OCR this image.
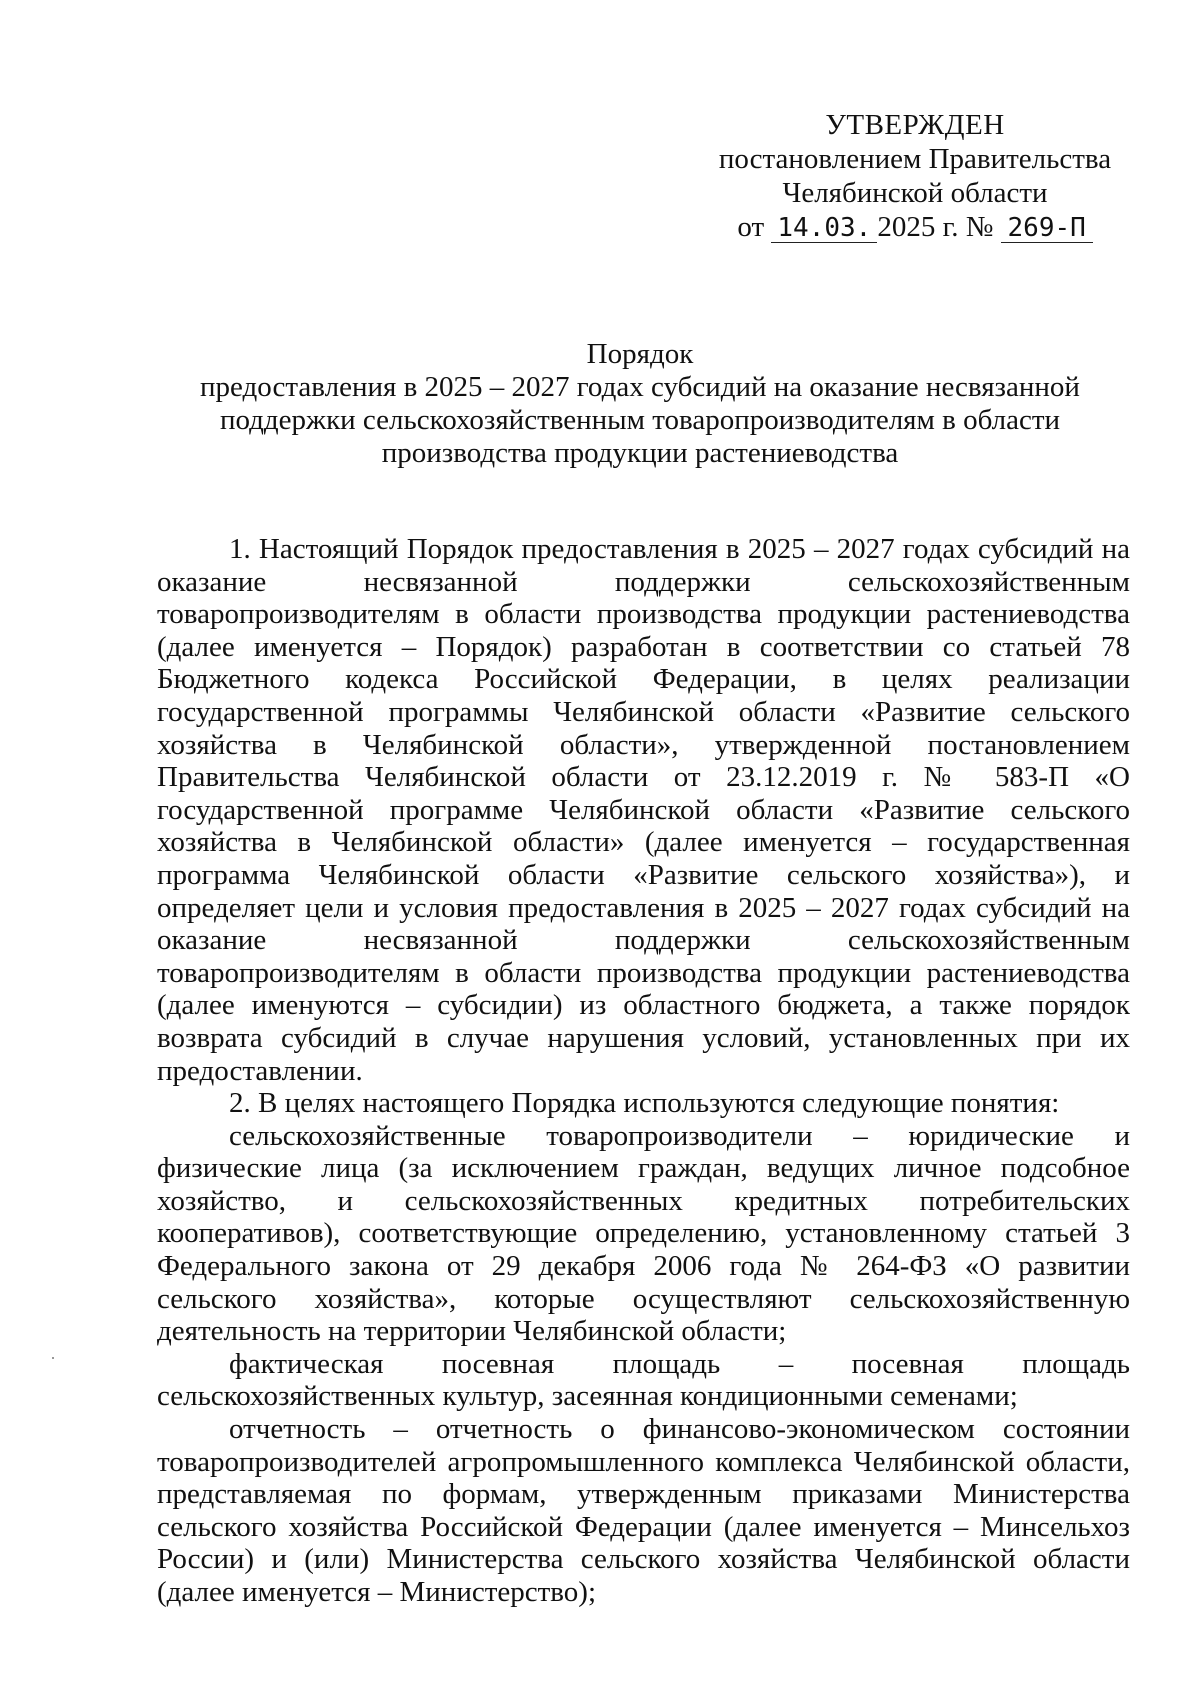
УТВЕРЖДЕН
постановлением Правительства
Челябинской области
от 14.03. 2025 г. № 269-П
Порядок
предоставления в 2025 – 2027 годах субсидий на оказание несвязанной
поддержки сельскохозяйственным товаропроизводителям в области
производства продукции растениеводства

1. Настоящий Порядок предоставления в 2025 – 2027 годах субсидий на оказание несвязанной поддержки сельскохозяйственным товаропроизводителям в области производства продукции растениеводства (далее именуется – Порядок) разработан в соответствии со статьей 78 Бюджетного кодекса Российской Федерации, в целях реализации государственной программы Челябинской области «Развитие сельского хозяйства в Челябинской области», утвержденной постановлением Правительства Челябинской области от 23.12.2019 г. № 583-П «О государственной программе Челябинской области «Развитие сельского хозяйства в Челябинской области» (далее именуется – государственная программа Челябинской области «Развитие сельского хозяйства»), и определяет цели и условия предоставления в 2025 – 2027 годах субсидий на оказание несвязанной поддержки сельскохозяйственным товаропроизводителям в области производства продукции растениеводства (далее именуются – субсидии) из областного бюджета, а также порядок возврата субсидий в случае нарушения условий, установленных при их предоставлении.

2. В целях настоящего Порядка используются следующие понятия:

сельскохозяйственные товаропроизводители – юридические и физические лица (за исключением граждан, ведущих личное подсобное хозяйство, и сельскохозяйственных кредитных потребительских кооперативов), соответствующие определению, установленному статьей 3 Федерального закона от 29 декабря 2006 года № 264-ФЗ «О развитии сельского хозяйства», которые осуществляют сельскохозяйственную деятельность на территории Челябинской области;

фактическая посевная площадь – посевная площадь сельскохозяйственных культур, засеянная кондиционными семенами;

отчетность – отчетность о финансово-экономическом состоянии товаропроизводителей агропромышленного комплекса Челябинской области, представляемая по формам, утвержденным приказами Министерства сельского хозяйства Российской Федерации (далее именуется – Минсельхоз России) и (или) Министерства сельского хозяйства Челябинской области (далее именуется – Министерство);
